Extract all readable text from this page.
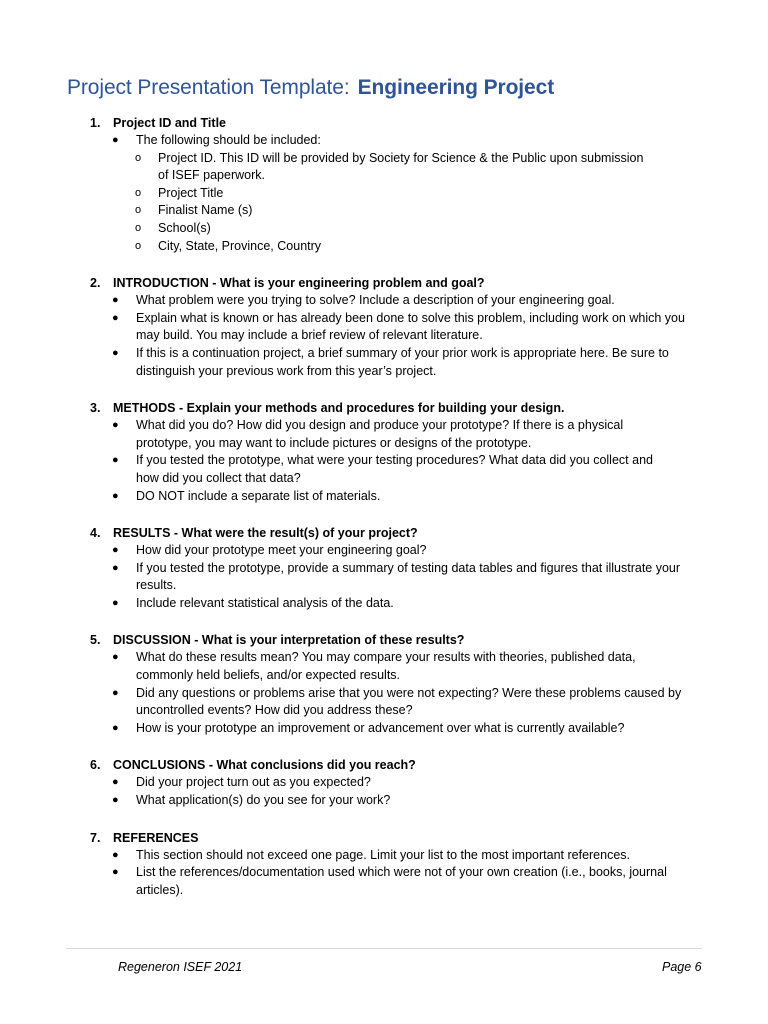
Project Presentation Template: Engineering Project
1. Project ID and Title
● The following should be included:
o Project ID. This ID will be provided by Society for Science & the Public upon submission
of ISEF paperwork.
o Project Title
o Finalist Name (s)
o School(s)
o City, State, Province, Country
2. INTRODUCTION - What is your engineering problem and goal?
● What problem were you trying to solve? Include a description of your engineering goal.
● Explain what is known or has already been done to solve this problem, including work on which you
may build. You may include a brief review of relevant literature.
● If this is a continuation project, a brief summary of your prior work is appropriate here. Be sure to
distinguish your previous work from this year’s project.
3. METHODS - Explain your methods and procedures for building your design.
● What did you do? How did you design and produce your prototype? If there is a physical
prototype, you may want to include pictures or designs of the prototype.
● If you tested the prototype, what were your testing procedures? What data did you collect and
how did you collect that data?
● DO NOT include a separate list of materials.
4. RESULTS - What were the result(s) of your project?
● How did your prototype meet your engineering goal?
● If you tested the prototype, provide a summary of testing data tables and figures that illustrate your
results.
● Include relevant statistical analysis of the data.
5. DISCUSSION - What is your interpretation of these results?
● What do these results mean? You may compare your results with theories, published data,
commonly held beliefs, and/or expected results.
● Did any questions or problems arise that you were not expecting? Were these problems caused by
uncontrolled events? How did you address these?
● How is your prototype an improvement or advancement over what is currently available?
6. CONCLUSIONS - What conclusions did you reach?
● Did your project turn out as you expected?
● What application(s) do you see for your work?
7. REFERENCES
● This section should not exceed one page. Limit your list to the most important references.
● List the references/documentation used which were not of your own creation (i.e., books, journal
articles).
Regeneron ISEF 2021	Page 6
